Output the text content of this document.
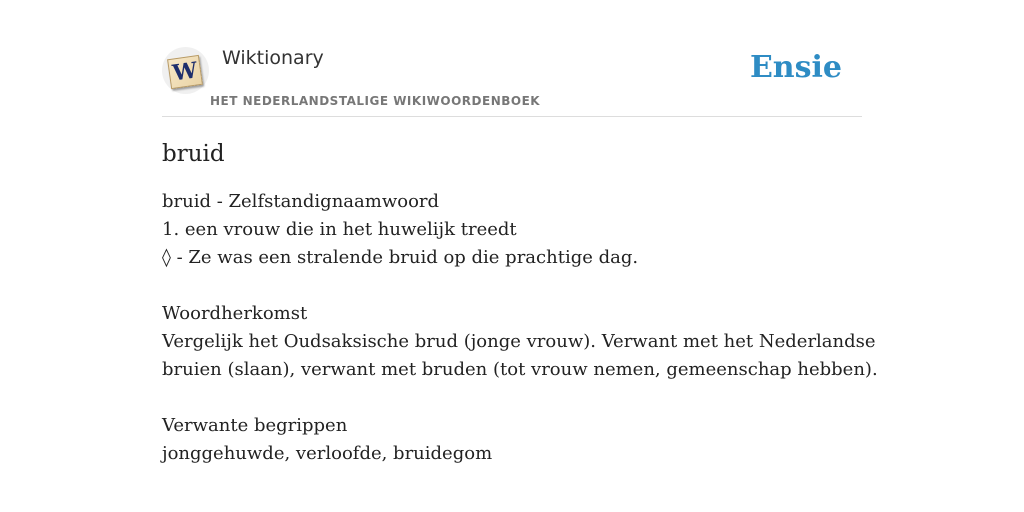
W Wiktionary
HET NEDERLANDSTALIGE WIKIWOORDENBOEK
Ensie
bruid
bruid - Zelfstandignaamwoord
1. een vrouw die in het huwelijk treedt
◊ - Ze was een stralende bruid op die prachtige dag.
Woordherkomst
Vergelijk het Oudsaksische brud (jonge vrouw). Verwant met het Nederlandse
bruien (slaan), verwant met bruden (tot vrouw nemen, gemeenschap hebben).
Verwante begrippen
jonggehuwde, verloofde, bruidegom
